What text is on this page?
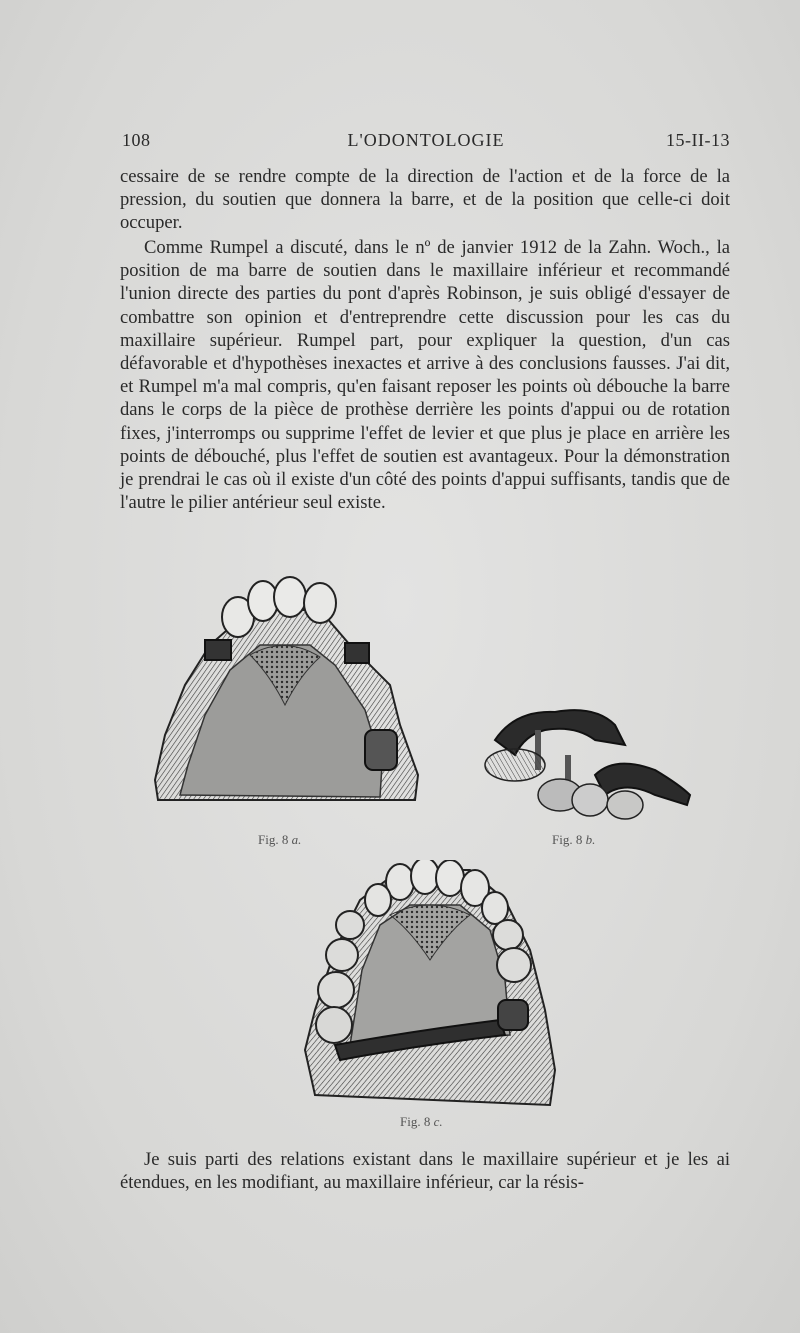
108	L'ODONTOLOGIE	15-II-13
cessaire de se rendre compte de la direction de l'action et de la force de la pression, du soutien que donnera la barre, et de la position que celle-ci doit occuper.
Comme Rumpel a discuté, dans le nº de janvier 1912 de la Zahn. Woch., la position de ma barre de soutien dans le maxillaire inférieur et recommandé l'union directe des parties du pont d'après Robinson, je suis obligé d'essayer de combattre son opinion et d'entreprendre cette discussion pour les cas du maxillaire supérieur. Rumpel part, pour expliquer la question, d'un cas défavorable et d'hypothèses inexactes et arrive à des conclusions fausses. J'ai dit, et Rumpel m'a mal compris, qu'en faisant reposer les points où débouche la barre dans le corps de la pièce de prothèse derrière les points d'appui ou de rotation fixes, j'interromps ou supprime l'effet de levier et que plus je place en arrière les points de débouché, plus l'effet de soutien est avantageux. Pour la démonstration je prendrai le cas où il existe d'un côté des points d'appui suffisants, tandis que de l'autre le pilier antérieur seul existe.
Fig. 8 a.	Fig. 8 b.
Fig. 8 c.
Je suis parti des relations existant dans le maxillaire supérieur et je les ai étendues, en les modifiant, au maxillaire inférieur, car la résis-
